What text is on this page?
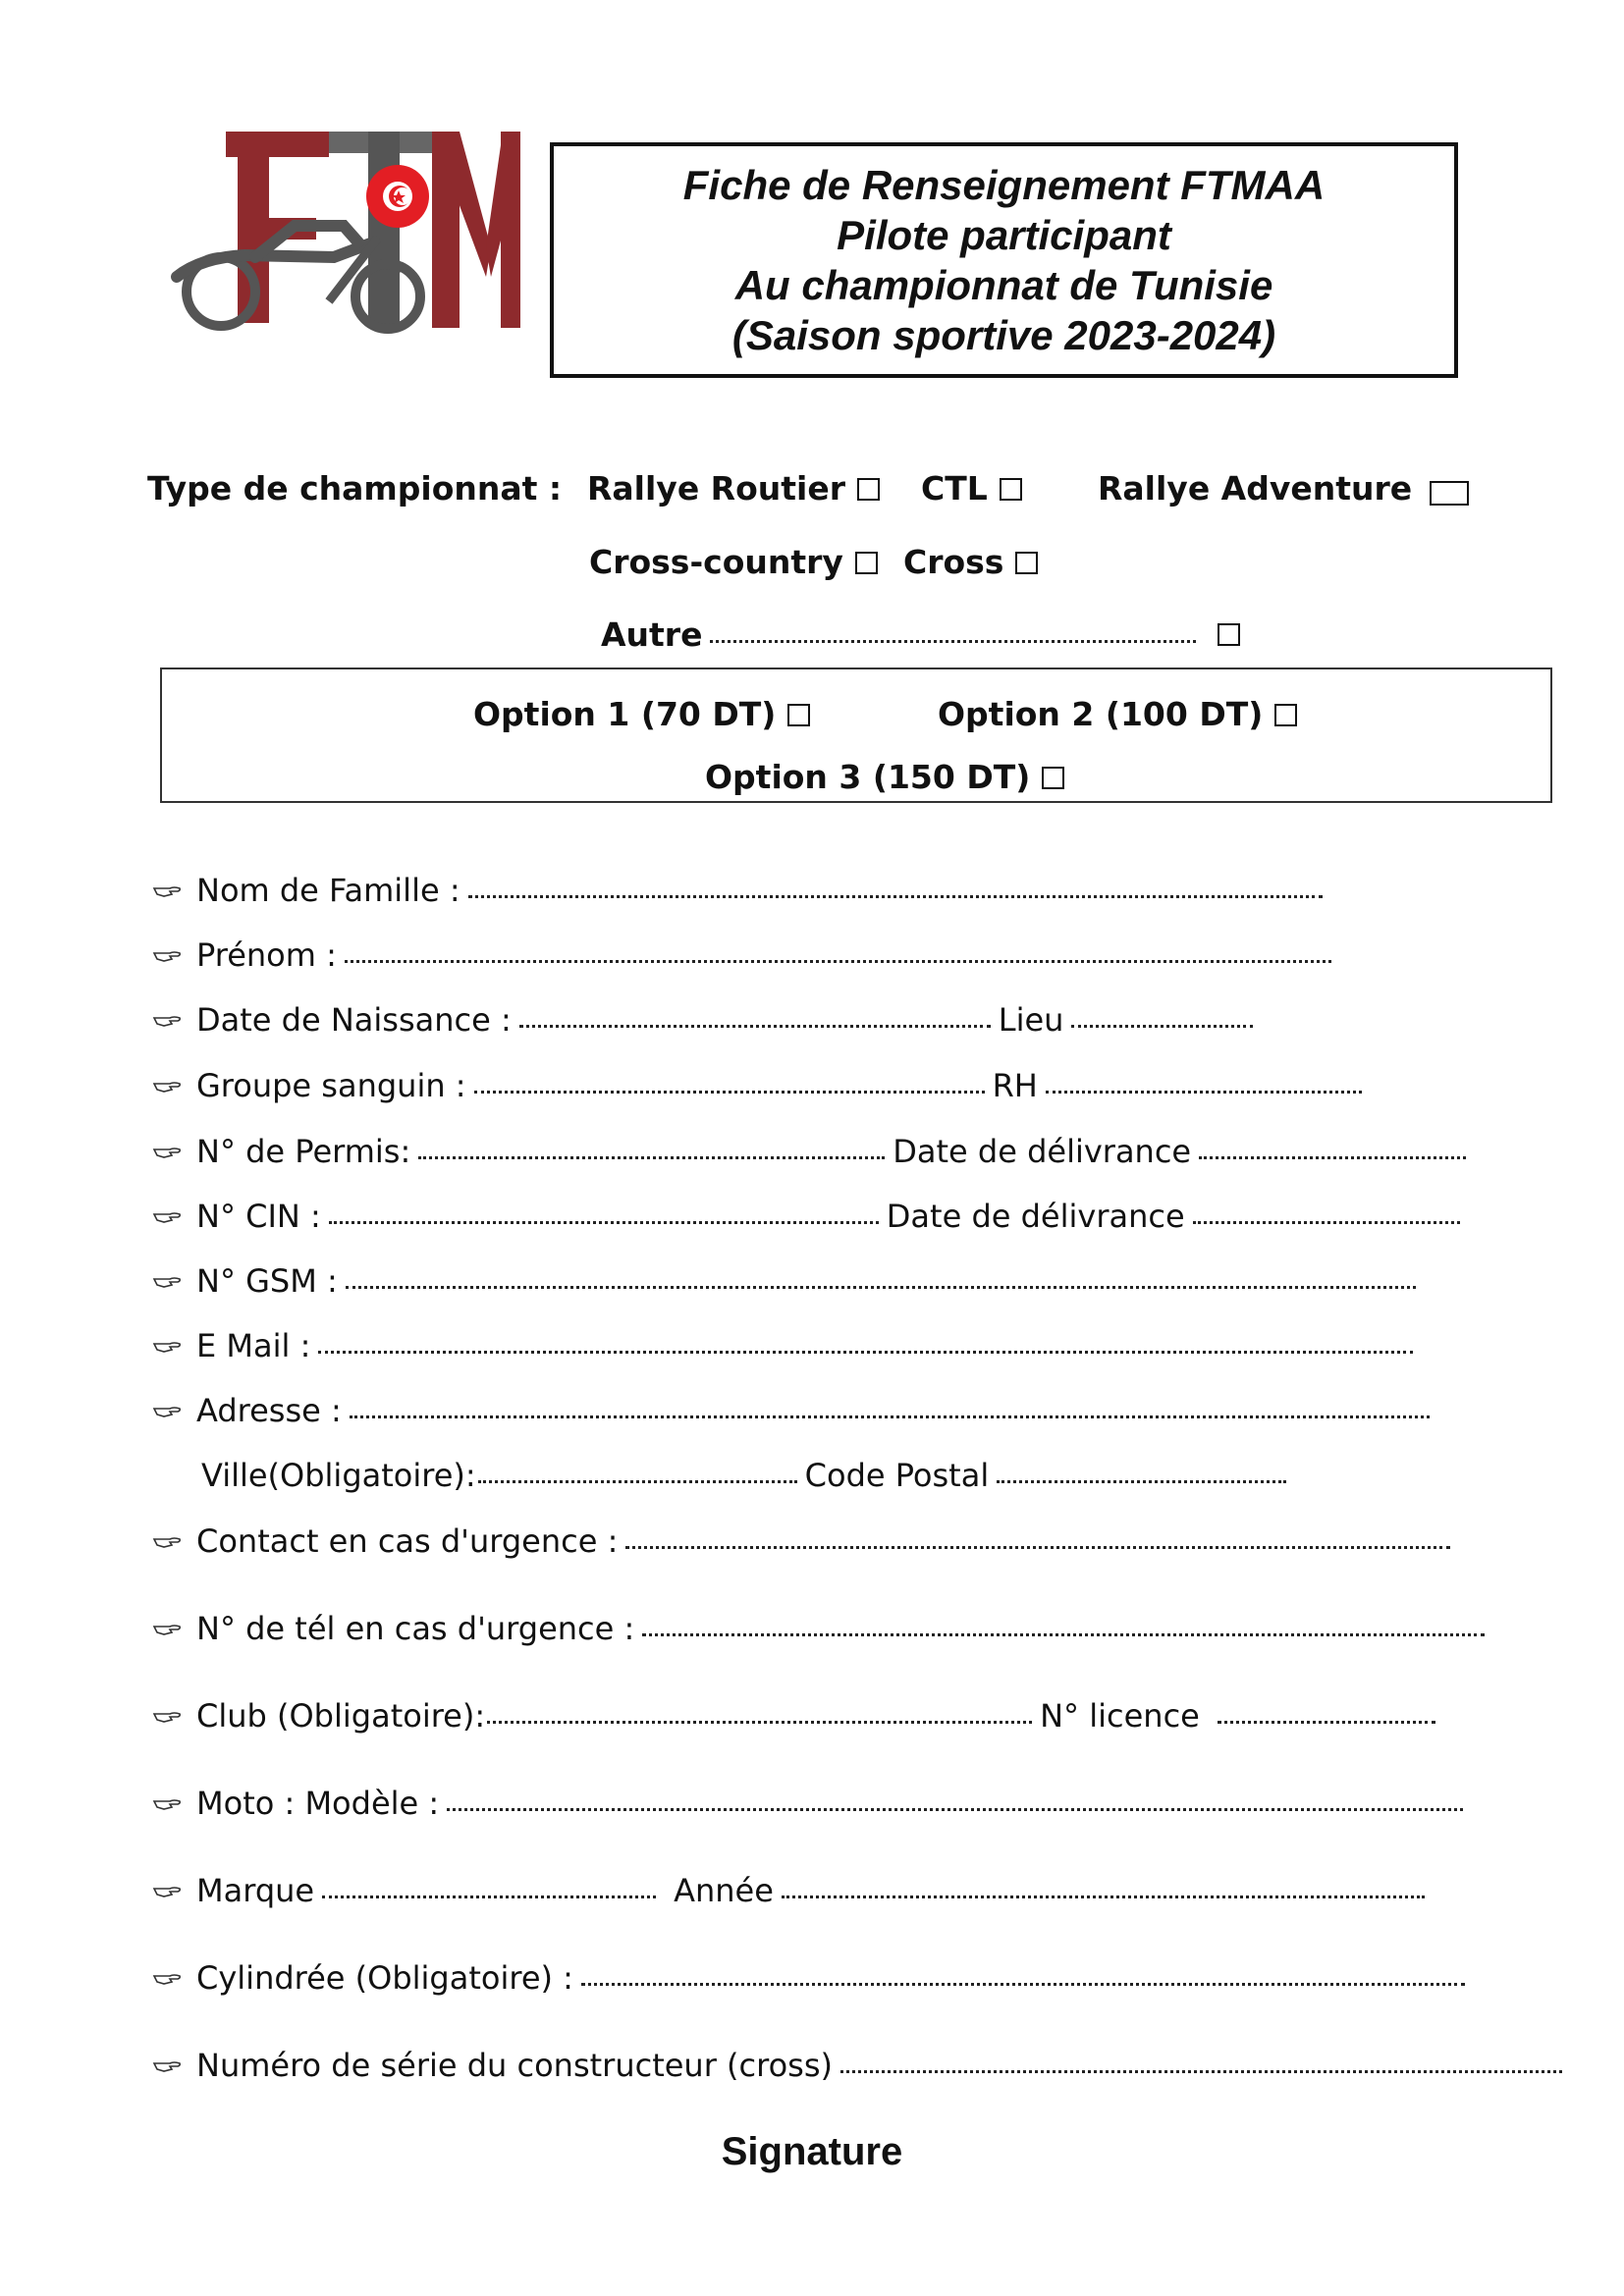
Fiche de Renseignement FTMAA
Pilote participant
Au championnat de Tunisie
(Saison sportive 2023-2024)
Type de championnat : Rallye Routier	CTL	Rallye Adventure
Cross-country	Cross
Autre
Option 1 (70 DT)	Option 2 (100 DT)
Option 3 (150 DT)
Nom de Famille :
Prénom :
Date de Naissance :	Lieu
Groupe sanguin :	RH
N° de Permis:	Date de délivrance
N° CIN :	Date de délivrance
N° GSM :
E Mail :
Adresse :
Ville(Obligatoire):	Code Postal
Contact en cas d'urgence :
N° de tél en cas d'urgence :
Club (Obligatoire):	N° licence
Moto : Modèle :
Marque	Année
Cylindrée (Obligatoire) :
Numéro de série du constructeur (cross)
Signature
